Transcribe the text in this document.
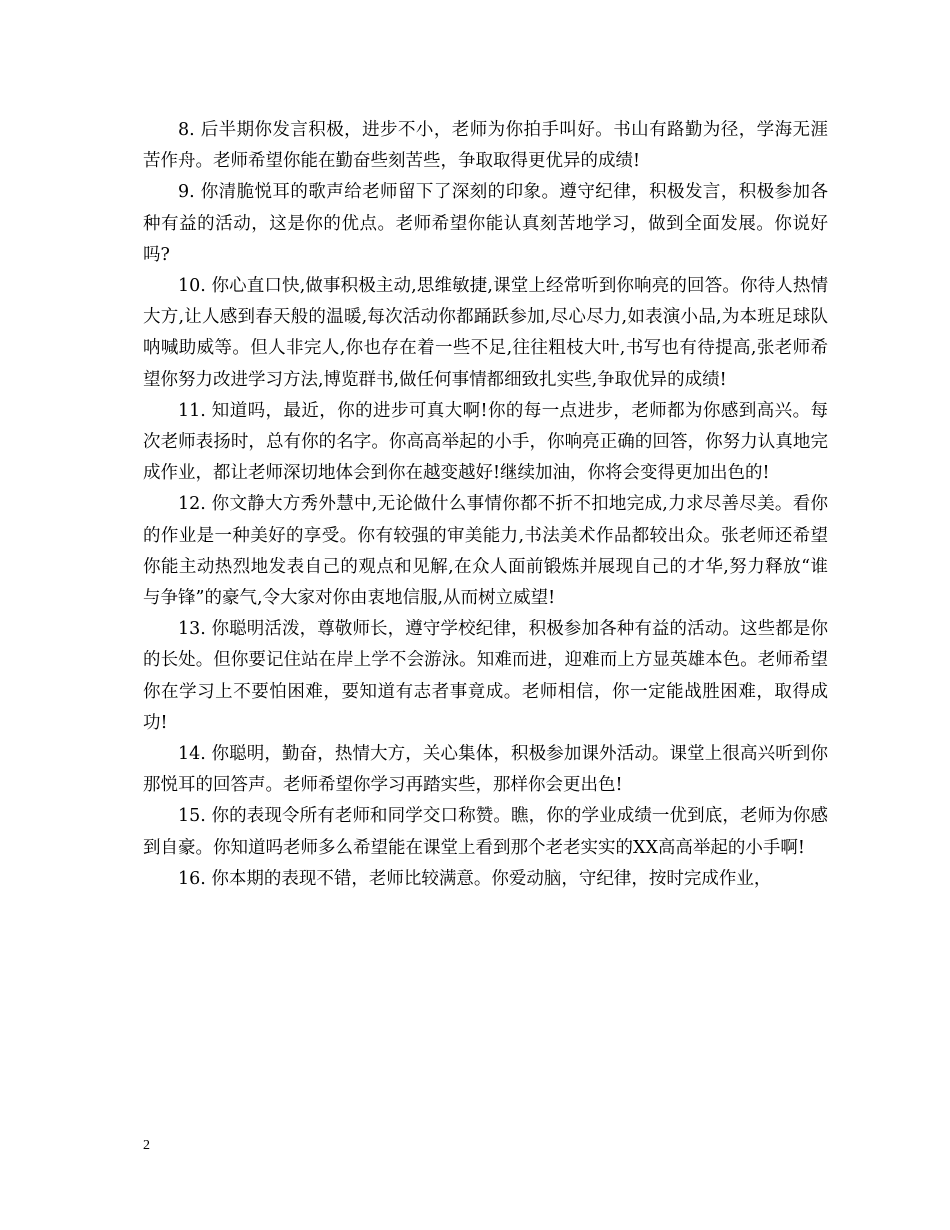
8. 后半期你发言积极，进步不小，老师为你拍手叫好。书山有路勤为径，学海无涯苦作舟。老师希望你能在勤奋些刻苦些，争取取得更优异的成绩!

9. 你清脆悦耳的歌声给老师留下了深刻的印象。遵守纪律，积极发言，积极参加各种有益的活动，这是你的优点。老师希望你能认真刻苦地学习，做到全面发展。你说好吗?

10. 你心直口快,做事积极主动,思维敏捷,课堂上经常听到你响亮的回答。你待人热情大方,让人感到春天般的温暖,每次活动你都踊跃参加,尽心尽力,如表演小品,为本班足球队呐喊助威等。但人非完人,你也存在着一些不足,往往粗枝大叶,书写也有待提高,张老师希望你努力改进学习方法,博览群书,做任何事情都细致扎实些,争取优异的成绩!

11. 知道吗，最近，你的进步可真大啊!你的每一点进步，老师都为你感到高兴。每次老师表扬时，总有你的名字。你高高举起的小手，你响亮正确的回答，你努力认真地完成作业，都让老师深切地体会到你在越变越好!继续加油，你将会变得更加出色的!

12. 你文静大方秀外慧中,无论做什么事情你都不折不扣地完成,力求尽善尽美。看你的作业是一种美好的享受。你有较强的审美能力,书法美术作品都较出众。张老师还希望你能主动热烈地发表自己的观点和见解,在众人面前锻炼并展现自己的才华,努力释放“谁与争锋”的豪气,令大家对你由衷地信服,从而树立威望!

13. 你聪明活泼，尊敬师长，遵守学校纪律，积极参加各种有益的活动。这些都是你的长处。但你要记住站在岸上学不会游泳。知难而进，迎难而上方显英雄本色。老师希望你在学习上不要怕困难，要知道有志者事竟成。老师相信，你一定能战胜困难，取得成功!

14. 你聪明，勤奋，热情大方，关心集体，积极参加课外活动。课堂上很高兴听到你那悦耳的回答声。老师希望你学习再踏实些，那样你会更出色!

15. 你的表现令所有老师和同学交口称赞。瞧，你的学业成绩一优到底，老师为你感到自豪。你知道吗老师多么希望能在课堂上看到那个老老实实的XX高高举起的小手啊!

16. 你本期的表现不错，老师比较满意。你爱动脑，守纪律，按时完成作业，

2
